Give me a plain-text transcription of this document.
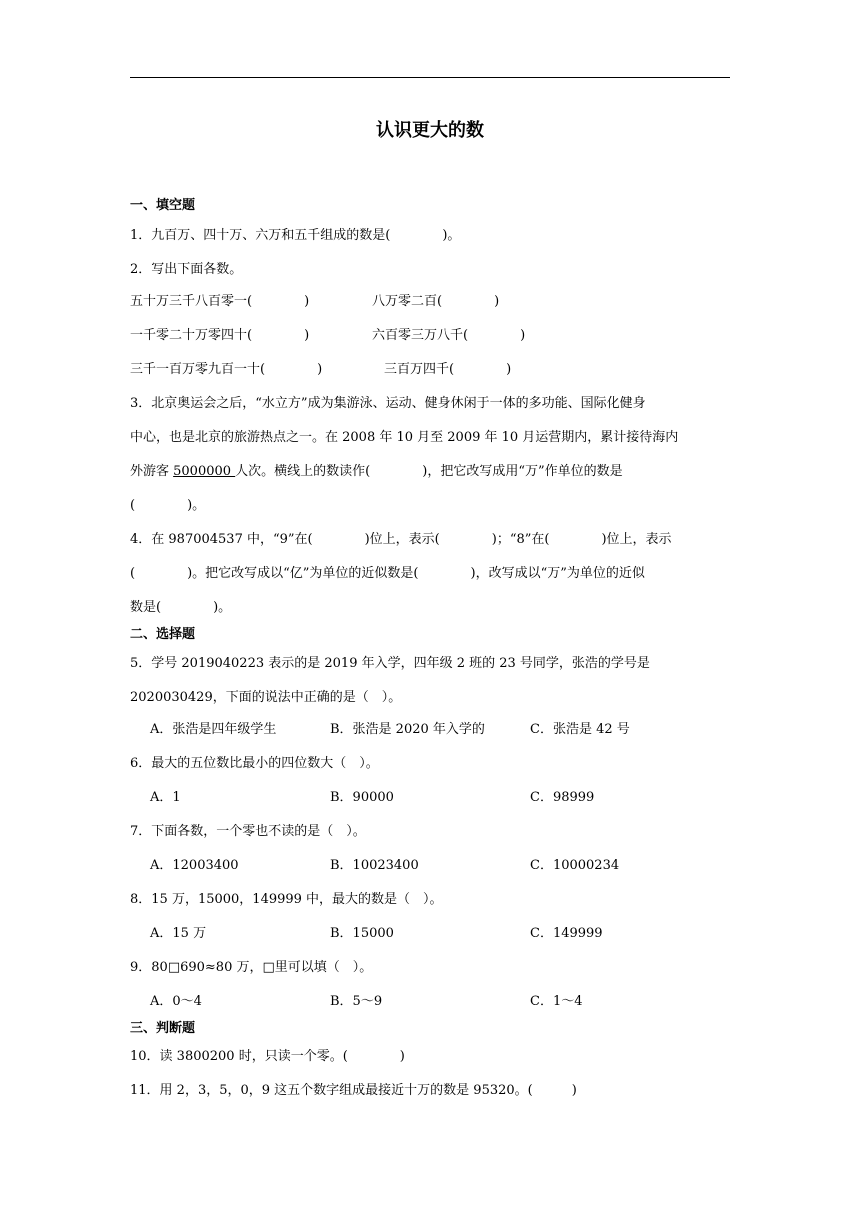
认识更大的数
一、填空题
1．九百万、四十万、六万和五千组成的数是(　　　　)。
2．写出下面各数。
五十万三千八百零一(　　　　)	八万零二百(　　　　)
一千零二十万零四十(　　　　)	六百零三万八千(　　　　)
三千一百万零九百一十(　　　　)	三百万四千(　　　　)
3．北京奥运会之后，“水立方”成为集游泳、运动、健身休闲于一体的多功能、国际化健身
中心，也是北京的旅游热点之一。在 2008 年 10 月至 2009 年 10 月运营期内，累计接待海内
外游客 5000000 人次。横线上的数读作(　　　　)，把它改写成用“万”作单位的数是
(　　　　)。
4．在 987004537 中，“9”在(　　　　)位上，表示(　　　　)；“8”在(　　　　)位上，表示
(　　　　)。把它改写成以“亿”为单位的近似数是(　　　　)，改写成以“万”为单位的近似
数是(　　　　)。
二、选择题
5．学号 2019040223 表示的是 2019 年入学，四年级 2 班的 23 号同学，张浩的学号是
2020030429，下面的说法中正确的是（　）。
A．张浩是四年级学生	B．张浩是 2020 年入学的	C．张浩是 42 号
6．最大的五位数比最小的四位数大（　）。
A．1	B．90000	C．98999
7．下面各数，一个零也不读的是（　）。
A．12003400	B．10023400	C．10000234
8．15 万，15000，149999 中，最大的数是（　）。
A．15 万	B．15000	C．149999
9．80□690≈80 万，□里可以填（　）。
A．0～4	B．5～9	C．1～4
三、判断题
10．读 3800200 时，只读一个零。(　　　　)
11．用 2，3，5，0，9 这五个数字组成最接近十万的数是 95320。(　　　)
